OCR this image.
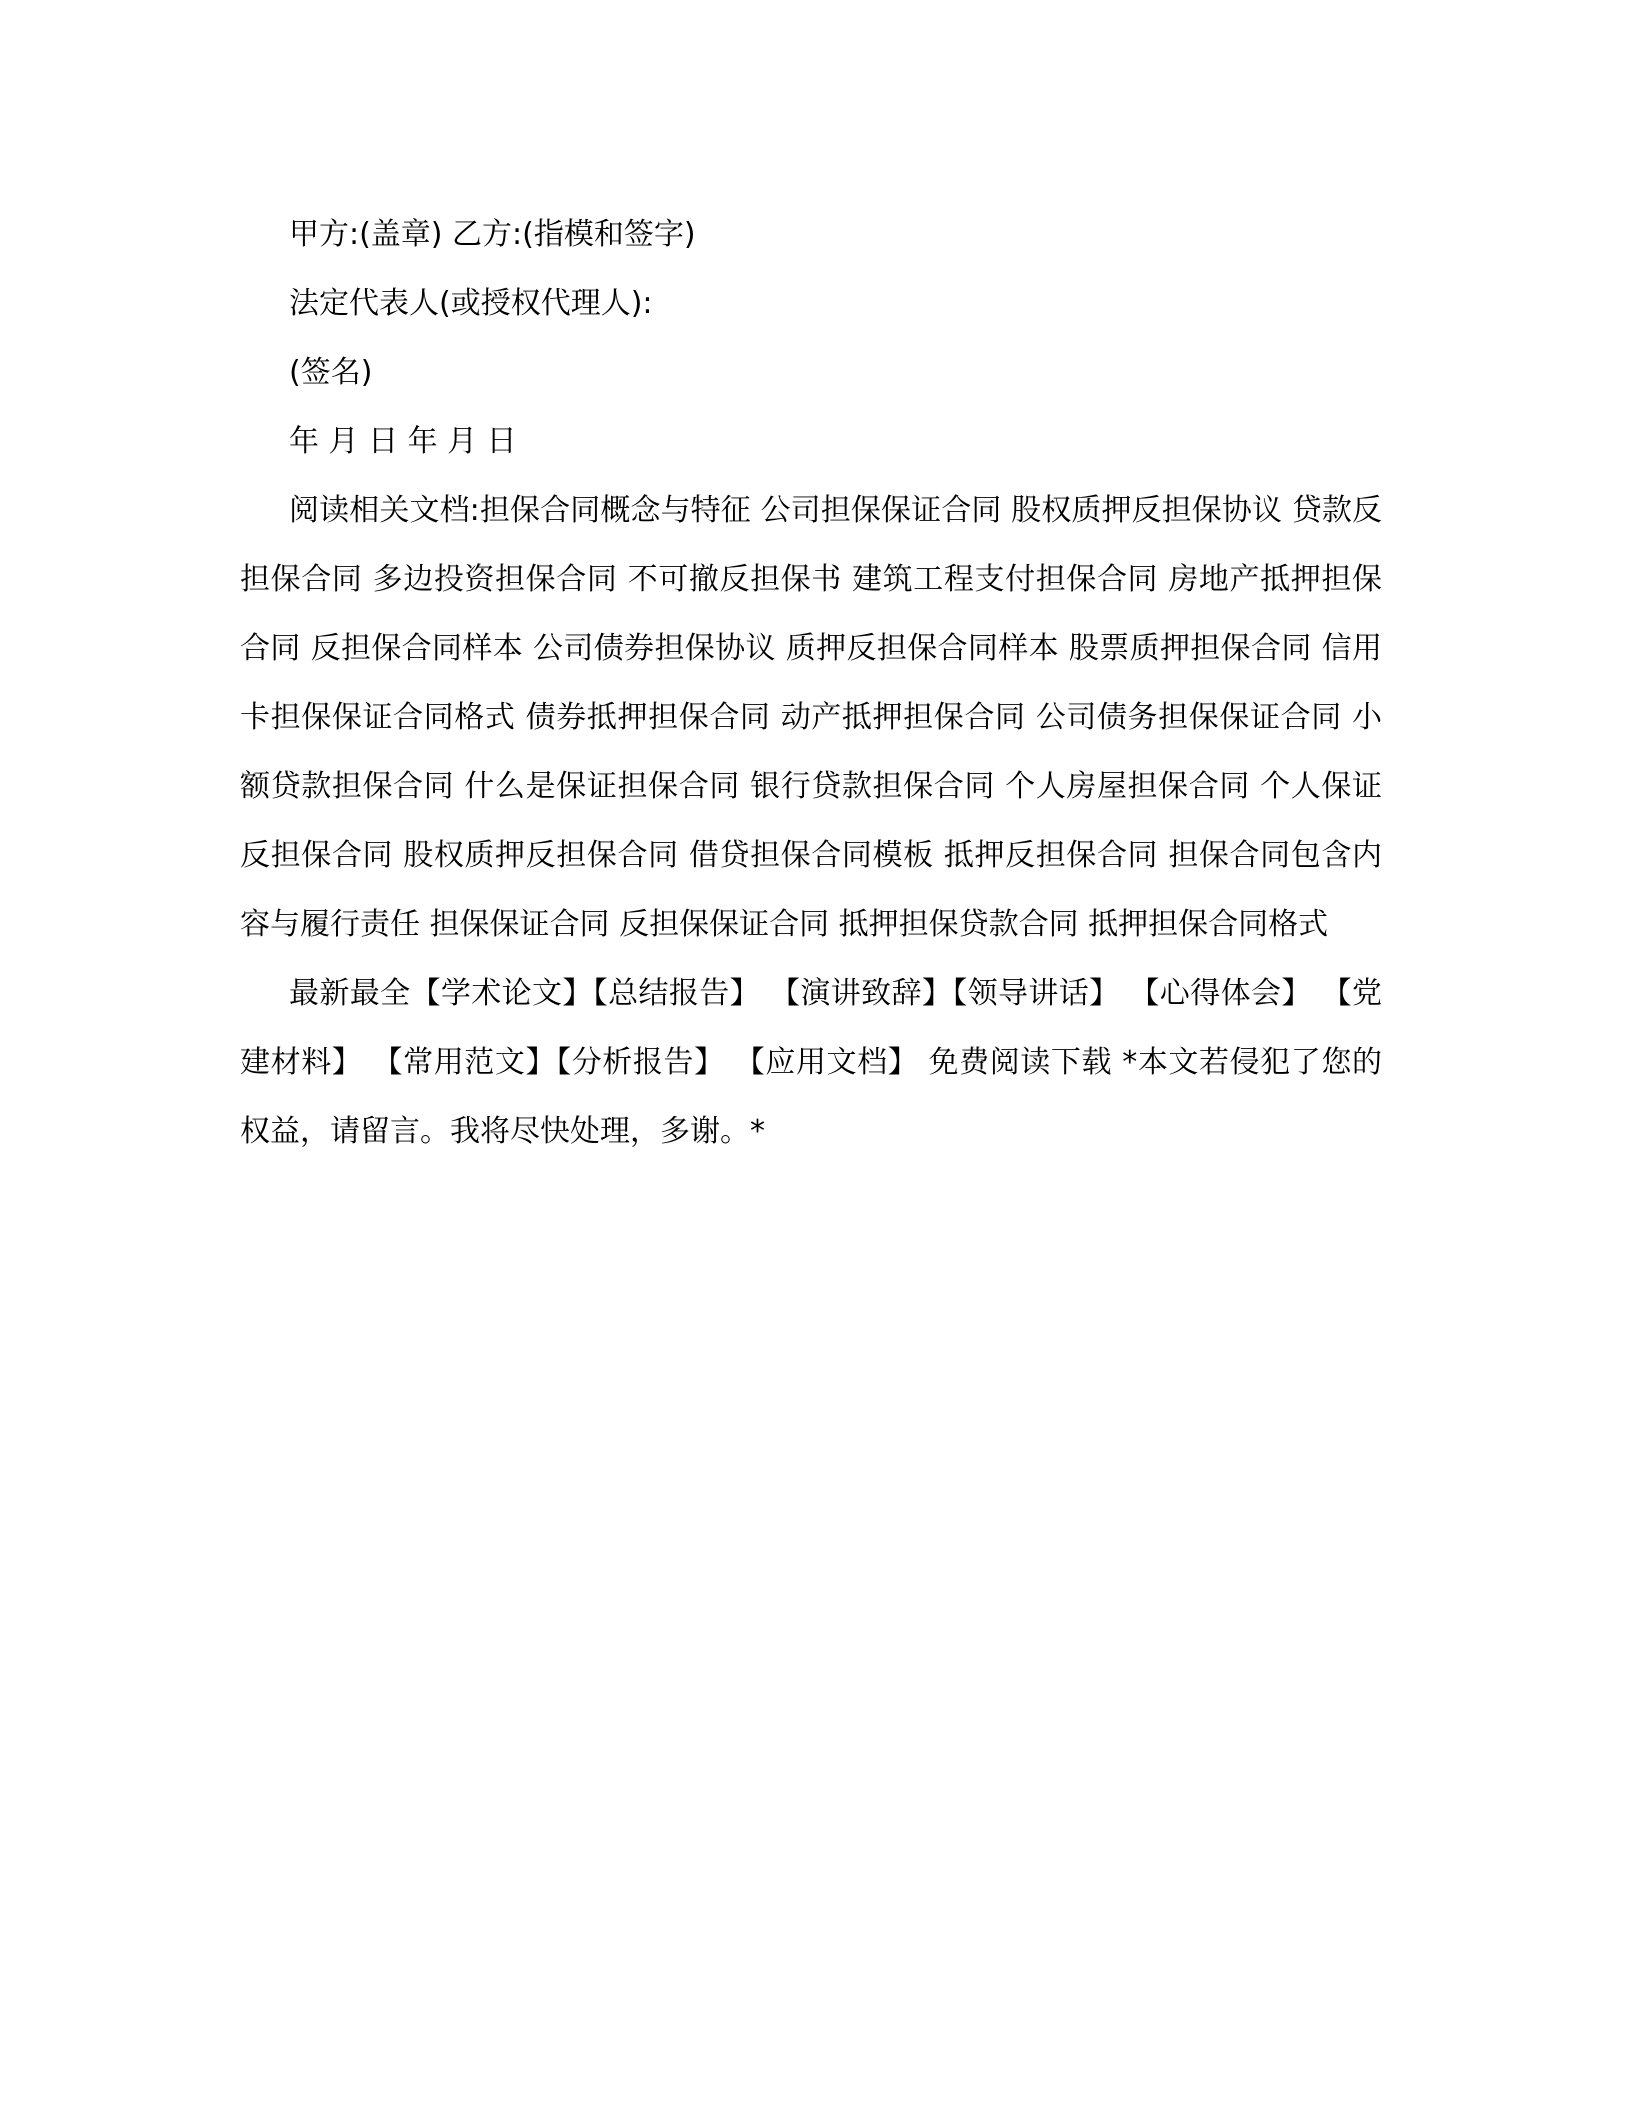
甲方:(盖章) 乙方:(指模和签字)

法定代表人(或授权代理人):

(签名)

年 月 日 年 月 日

阅读相关文档:担保合同概念与特征 公司担保保证合同 股权质押反担保协议 贷款反担保合同 多边投资担保合同 不可撤反担保书 建筑工程支付担保合同 房地产抵押担保合同 反担保合同样本 公司债券担保协议 质押反担保合同样本 股票质押担保合同 信用卡担保保证合同格式 债券抵押担保合同 动产抵押担保合同 公司债务担保保证合同 小额贷款担保合同 什么是保证担保合同 银行贷款担保合同 个人房屋担保合同 个人保证反担保合同 股权质押反担保合同 借贷担保合同模板 抵押反担保合同 担保合同包含内容与履行责任 担保保证合同 反担保保证合同 抵押担保贷款合同 抵押担保合同格式

最新最全【学术论文】【总结报告】 【演讲致辞】【领导讲话】 【心得体会】 【党建材料】 【常用范文】【分析报告】 【应用文档】 免费阅读下载 *本文若侵犯了您的权益，请留言。我将尽快处理，多谢。*
